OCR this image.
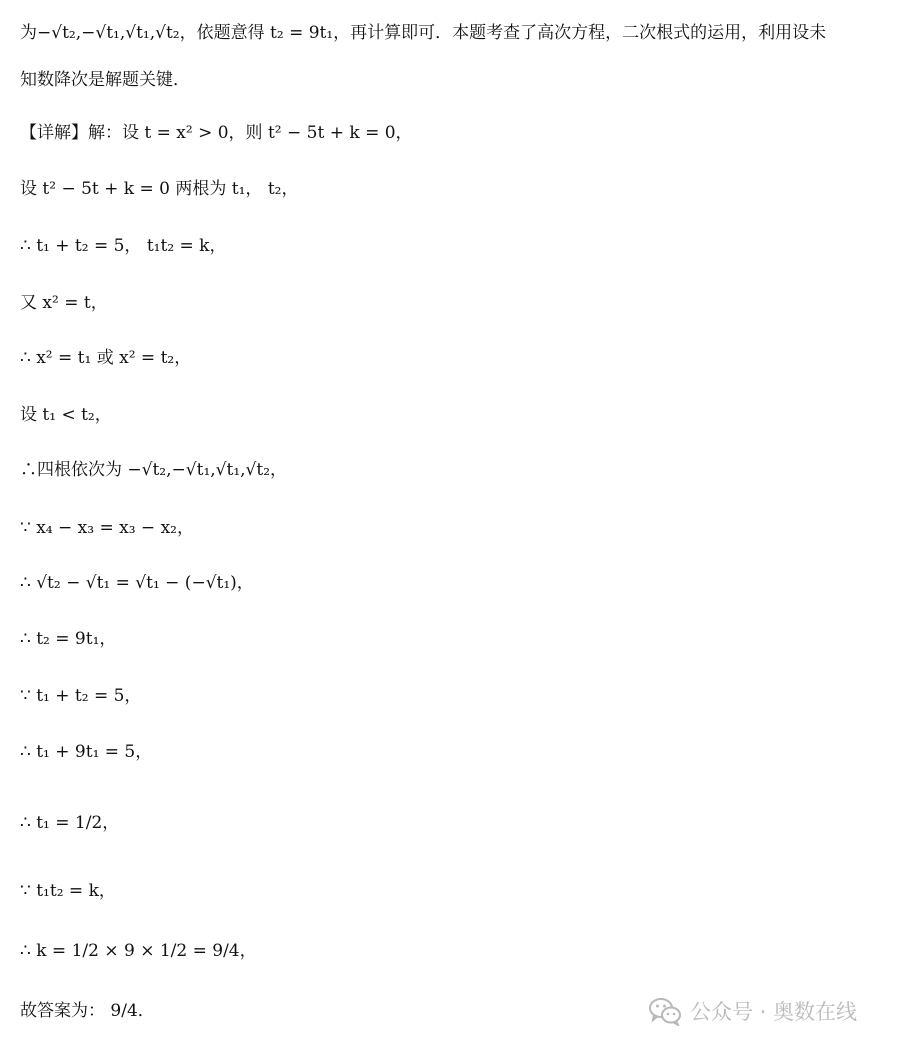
为−√t₂,−√t₁,√t₁,√t₂，依题意得 t₂ = 9t₁，再计算即可．本题考查了高次方程，二次根式的运用，利用设未
知数降次是解题关键．
【详解】解：设 t = x² > 0，则 t² − 5t + k = 0，
设 t² − 5t + k = 0 两根为 t₁， t₂，
∴ t₁ + t₂ = 5， t₁t₂ = k，
又 x² = t，
∴ x² = t₁ 或 x² = t₂，
设 t₁ < t₂，
∴四根依次为 −√t₂,−√t₁,√t₁,√t₂，
∵ x₄ − x₃ = x₃ − x₂，
∴ √t₂ − √t₁ = √t₁ − (−√t₁)，
∴ t₂ = 9t₁，
∵ t₁ + t₂ = 5，
∴ t₁ + 9t₁ = 5，
∴ t₁ = 1/2，
∵ t₁t₂ = k，
∴ k = 1/2 × 9 × 1/2 = 9/4，
故答案为： 9/4．	公众号 · 奥数在线
